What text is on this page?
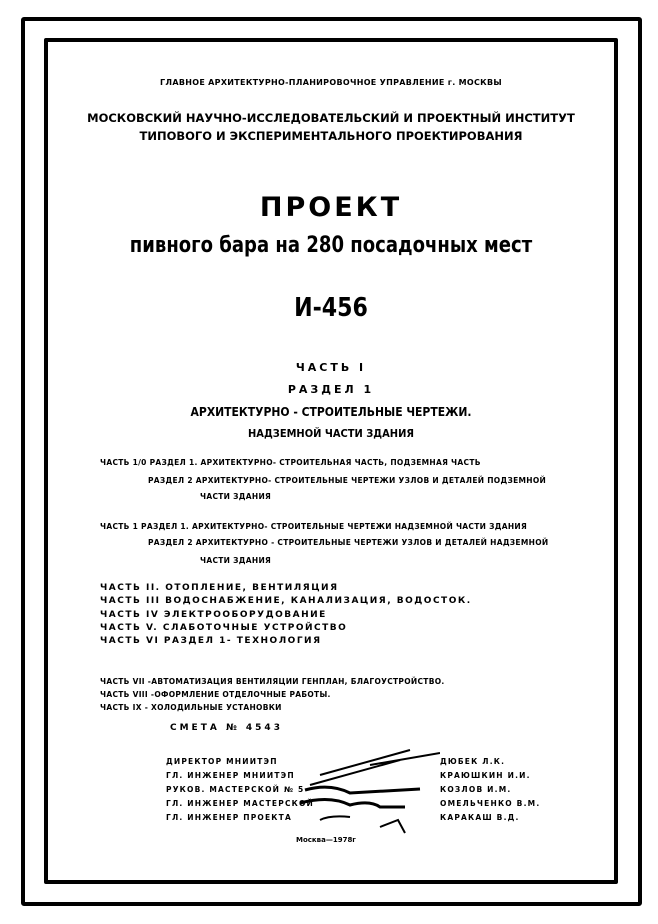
ГЛАВНОЕ АРХИТЕКТУРНО-ПЛАНИРОВОЧНОЕ УПРАВЛЕНИЕ г. МОСКВЫ
МОСКОВСКИЙ НАУЧНО-ИССЛЕДОВАТЕЛЬСКИЙ И ПРОЕКТНЫЙ ИНСТИТУТ
ТИПОВОГО И ЭКСПЕРИМЕНТАЛЬНОГО ПРОЕКТИРОВАНИЯ
ПРОЕКТ
пивного бара на 280 посадочных мест
И-456
ЧАСТЬ I
РАЗДЕЛ 1
АРХИТЕКТУРНО - СТРОИТЕЛЬНЫЕ ЧЕРТЕЖИ.
НАДЗЕМНОЙ ЧАСТИ ЗДАНИЯ
ЧАСТЬ 1/0 РАЗДЕЛ 1. АРХИТЕКТУРНО- СТРОИТЕЛЬНАЯ ЧАСТЬ, ПОДЗЕМНАЯ ЧАСТЬ
РАЗДЕЛ 2 АРХИТЕКТУРНО- СТРОИТЕЛЬНЫЕ ЧЕРТЕЖИ УЗЛОВ И ДЕТАЛЕЙ ПОДЗЕМНОЙ
ЧАСТИ ЗДАНИЯ
ЧАСТЬ 1 РАЗДЕЛ 1. АРХИТЕКТУРНО- СТРОИТЕЛЬНЫЕ ЧЕРТЕЖИ НАДЗЕМНОЙ ЧАСТИ ЗДАНИЯ
РАЗДЕЛ 2 АРХИТЕКТУРНО - СТРОИТЕЛЬНЫЕ ЧЕРТЕЖИ УЗЛОВ И ДЕТАЛЕЙ НАДЗЕМНОЙ
ЧАСТИ ЗДАНИЯ
ЧАСТЬ II. ОТОПЛЕНИЕ, ВЕНТИЛЯЦИЯ
ЧАСТЬ III ВОДОСНАБЖЕНИЕ, КАНАЛИЗАЦИЯ, ВОДОСТОК.
ЧАСТЬ IV ЭЛЕКТРООБОРУДОВАНИЕ
ЧАСТЬ V. СЛАБОТОЧНЫЕ УСТРОЙСТВО
ЧАСТЬ VI РАЗДЕЛ 1- ТЕХНОЛОГИЯ
ЧАСТЬ VII -АВТОМАТИЗАЦИЯ ВЕНТИЛЯЦИИ ГЕНПЛАН, БЛАГОУСТРОЙСТВО.
ЧАСТЬ VIII -ОФОРМЛЕНИЕ ОТДЕЛОЧНЫЕ РАБОТЫ.
ЧАСТЬ IX - ХОЛОДИЛЬНЫЕ УСТАНОВКИ
СМЕТА № 4543
ДИРЕКТОР МНИИТЭП	ДЮБЕК Л.К.
ГЛ. ИНЖЕНЕР МНИИТЭП	КРАЮШКИН И.И.
РУКОВ. МАСТЕРСКОЙ № 5	КОЗЛОВ И.М.
ГЛ. ИНЖЕНЕР МАСТЕРСКОЙ	ОМЕЛЬЧЕНКО В.М.
ГЛ. ИНЖЕНЕР ПРОЕКТА	КАРАКАШ В.Д.
Москва—1978г
